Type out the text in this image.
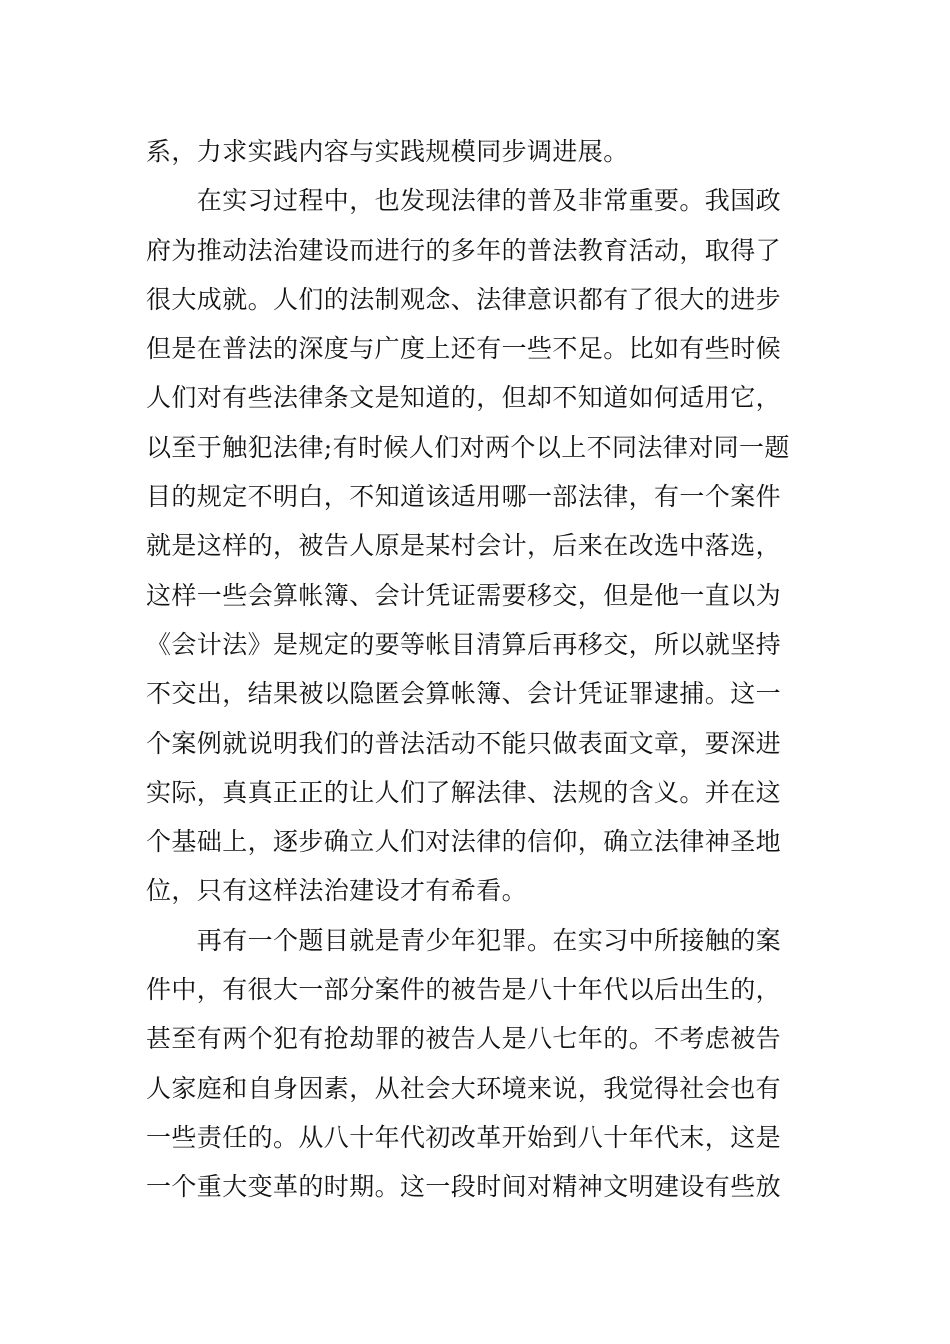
系，力求实践内容与实践规模同步调进展。
　　在实习过程中，也发现法律的普及非常重要。我国政
府为推动法治建设而进行的多年的普法教育活动，取得了
很大成就。人们的法制观念、法律意识都有了很大的进步
但是在普法的深度与广度上还有一些不足。比如有些时候
人们对有些法律条文是知道的，但却不知道如何适用它，
以至于触犯法律;有时候人们对两个以上不同法律对同一题
目的规定不明白，不知道该适用哪一部法律，有一个案件
就是这样的，被告人原是某村会计，后来在改选中落选，
这样一些会算帐簿、会计凭证需要移交，但是他一直以为
《会计法》是规定的要等帐目清算后再移交，所以就坚持
不交出，结果被以隐匿会算帐簿、会计凭证罪逮捕。这一
个案例就说明我们的普法活动不能只做表面文章，要深进
实际，真真正正的让人们了解法律、法规的含义。并在这
个基础上，逐步确立人们对法律的信仰，确立法律神圣地
位，只有这样法治建设才有希看。
　　再有一个题目就是青少年犯罪。在实习中所接触的案
件中，有很大一部分案件的被告是八十年代以后出生的，
甚至有两个犯有抢劫罪的被告人是八七年的。不考虑被告
人家庭和自身因素，从社会大环境来说，我觉得社会也有
一些责任的。从八十年代初改革开始到八十年代末，这是
一个重大变革的时期。这一段时间对精神文明建设有些放
